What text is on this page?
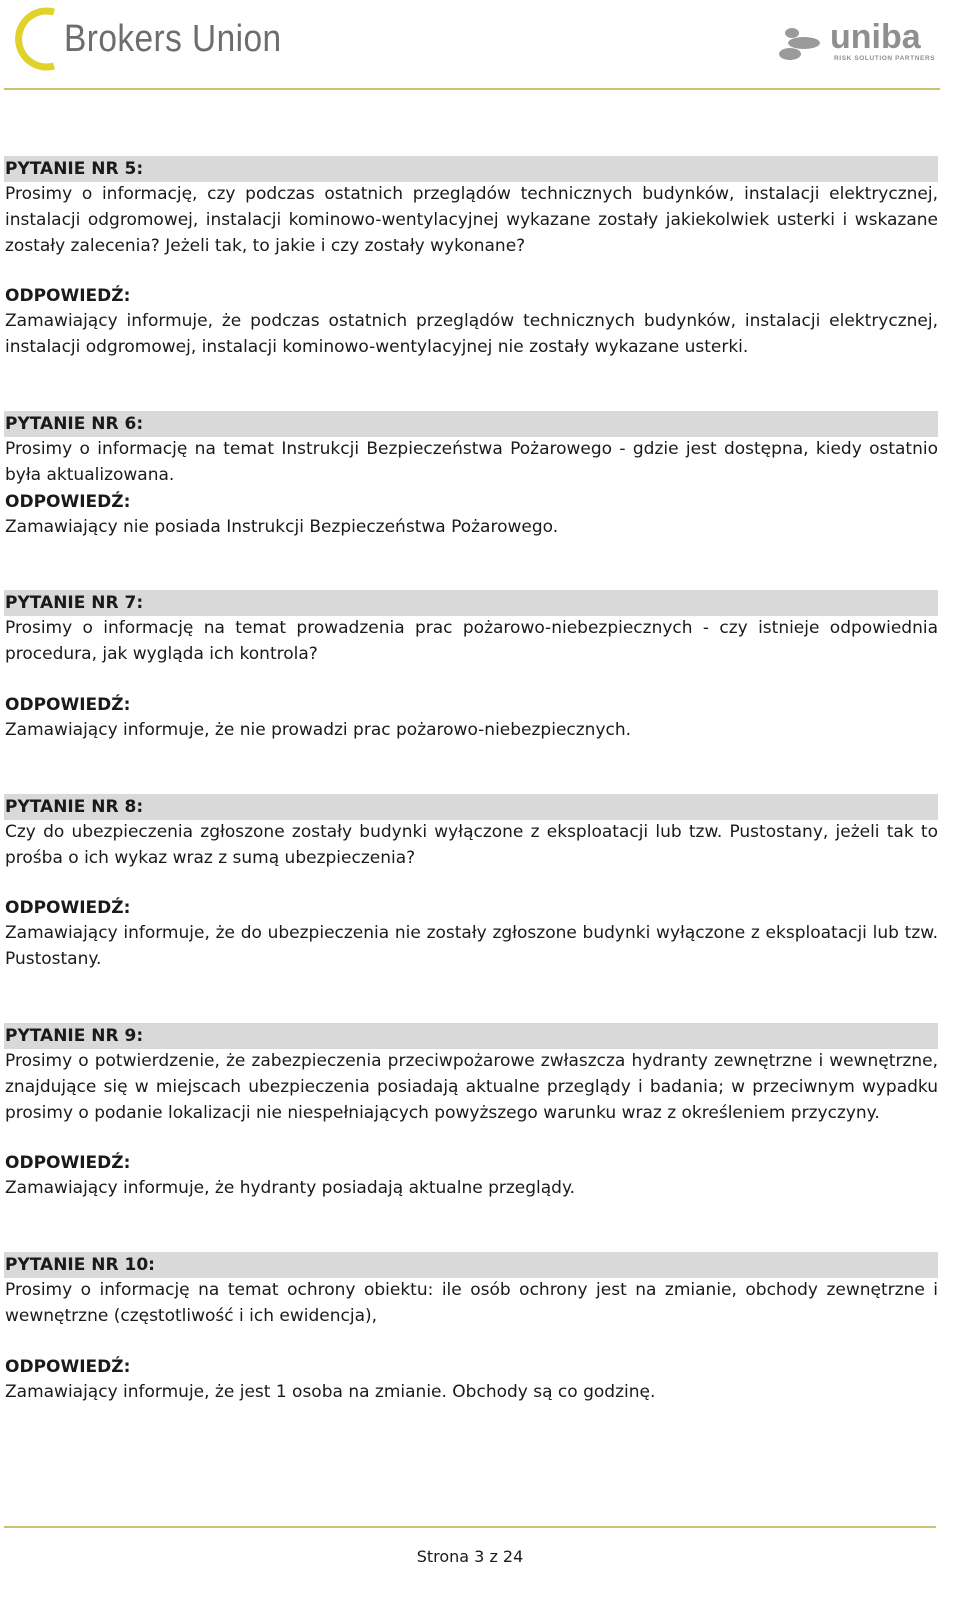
Brokers Union	uniba
RISK SOLUTION PARTNERS
PYTANIE NR 5:
Prosimy o informację, czy podczas ostatnich przeglądów technicznych budynków, instalacji elektrycznej, instalacji odgromowej, instalacji kominowo-wentylacyjnej wykazane zostały jakiekolwiek usterki i wskazane zostały zalecenia? Jeżeli tak, to jakie i czy zostały wykonane?
ODPOWIEDŹ:
Zamawiający informuje, że podczas ostatnich przeglądów technicznych budynków, instalacji elektrycznej, instalacji odgromowej, instalacji kominowo-wentylacyjnej nie zostały wykazane usterki.
PYTANIE NR 6:
Prosimy o informację na temat Instrukcji Bezpieczeństwa Pożarowego - gdzie jest dostępna, kiedy ostatnio była aktualizowana.
ODPOWIEDŹ:
Zamawiający nie posiada Instrukcji Bezpieczeństwa Pożarowego.
PYTANIE NR 7:
Prosimy o informację na temat prowadzenia prac pożarowo-niebezpiecznych - czy istnieje odpowiednia procedura, jak wygląda ich kontrola?
ODPOWIEDŹ:
Zamawiający informuje, że nie prowadzi prac pożarowo-niebezpiecznych.
PYTANIE NR 8:
Czy do ubezpieczenia zgłoszone zostały budynki wyłączone z eksploatacji lub tzw. Pustostany, jeżeli tak to prośba o ich wykaz wraz z sumą ubezpieczenia?
ODPOWIEDŹ:
Zamawiający informuje, że do ubezpieczenia nie zostały zgłoszone budynki wyłączone z eksploatacji lub tzw. Pustostany.
PYTANIE NR 9:
Prosimy o potwierdzenie, że zabezpieczenia przeciwpożarowe zwłaszcza hydranty zewnętrzne i wewnętrzne, znajdujące się w miejscach ubezpieczenia posiadają aktualne przeglądy i badania; w przeciwnym wypadku prosimy o podanie lokalizacji nie niespełniających powyższego warunku wraz z określeniem przyczyny.
ODPOWIEDŹ:
Zamawiający informuje, że hydranty posiadają aktualne przeglądy.
PYTANIE NR 10:
Prosimy o informację na temat ochrony obiektu: ile osób ochrony jest na zmianie, obchody zewnętrzne i wewnętrzne (częstotliwość i ich ewidencja),
ODPOWIEDŹ:
Zamawiający informuje, że jest 1 osoba na zmianie. Obchody są co godzinę.
Strona 3 z 24
